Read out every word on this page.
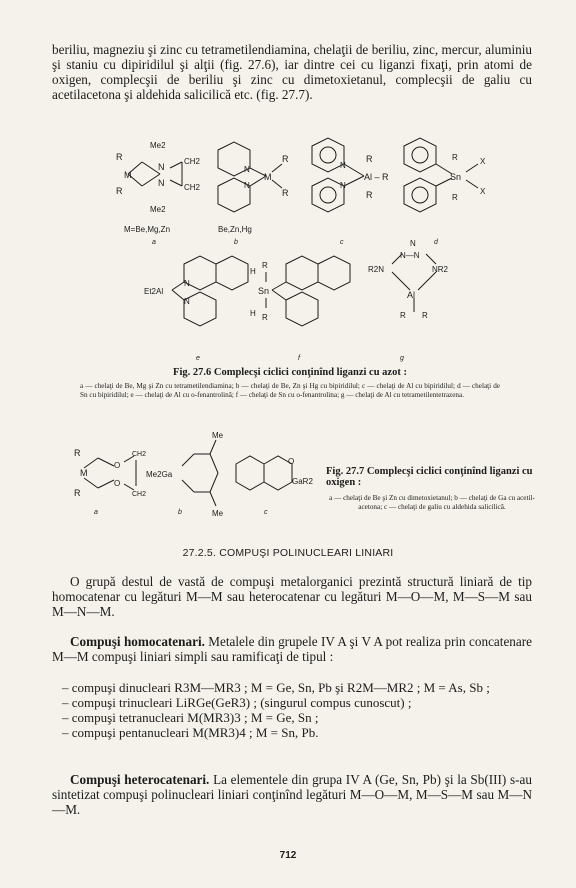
beriliu, magneziu şi zinc cu tetrametilendiamina, chelaţii de beriliu, zinc, mercur, aluminiu şi staniu cu dipiridilul şi alţii (fig. 27.6), iar dintre cei cu liganzi fixaţi, prin atomi de oxigen, complecşii de beriliu şi zinc cu dimetoxietanul, complecşii de galiu cu acetilacetona şi aldehida salicilică etc. (fig. 27.7).

R
R
M
N
N
Me2
Me2
CH2
CH2
M=Be,Mg,Zn
a
N
N
M
R
R
Be,Zn,Hg
b
N
N
Al – R
R
R
c
Sn
R
R
X
X
d
Et2Al
N
N
e
Sn
H
H
R
R
f
N—N
N
R2N	NR2
Al
R R
g
Fig. 27.6 Complecşi ciclici conţinînd liganzi cu azot :
a — chelaţi de Be, Mg şi Zn cu tetrametilendiamina; b — chelaţi de Be, Zn şi Hg cu bipiridilul; c — chelaţi de Al cu bipiridilul; d — chelaţi de Sn cu bipiridilul; e — chelaţi de Al cu o-fenantrolină; f — chelaţi de Sn cu o-fenantrolina; g — chelaţi de Al cu tetrametilentetrazena.
R
R
M
O
O
CH2
CH2
a
Me2Ga
Me
Me
b
O
GaR2
c
Fig. 27.7 Complecşi ciclici conţinînd liganzi cu oxigen :
a — chelaţi de Be şi Zn cu dimetoxietanul; b — chelaţi de Ga cu acetil-acetona; c — chelaţi de galiu cu aldehida salicilică.
27.2.5. COMPUŞI POLINUCLEARI LINIARI

O grupă destul de vastă de compuşi metalorganici prezintă structură liniară de tip homocatenar cu legături M—M sau heterocatenar cu legături M—O—M, M—S—M sau M—N—M.

Compuşi homocatenari. Metalele din grupele IV A şi V A pot realiza prin concatenare M—M compuşi liniari simpli sau ramificaţi de tipul :

– compuşi dinucleari R3M—MR3 ; M = Ge, Sn, Pb şi R2M—MR2 ; M = As, Sb ;
– compuşi trinucleari LiRGe(GeR3) ; (singurul compus cunoscut) ;
– compuşi tetranucleari M(MR3)3 ; M = Ge, Sn ;
– compuşi pentanucleari M(MR3)4 ; M = Sn, Pb.

Compuşi heterocatenari. La elementele din grupa IV A (Ge, Sn, Pb) şi la Sb(III) s-au sintetizat compuşi polinucleari liniari conţinînd legături M—O—M, M—S—M sau M—N—M.

712
